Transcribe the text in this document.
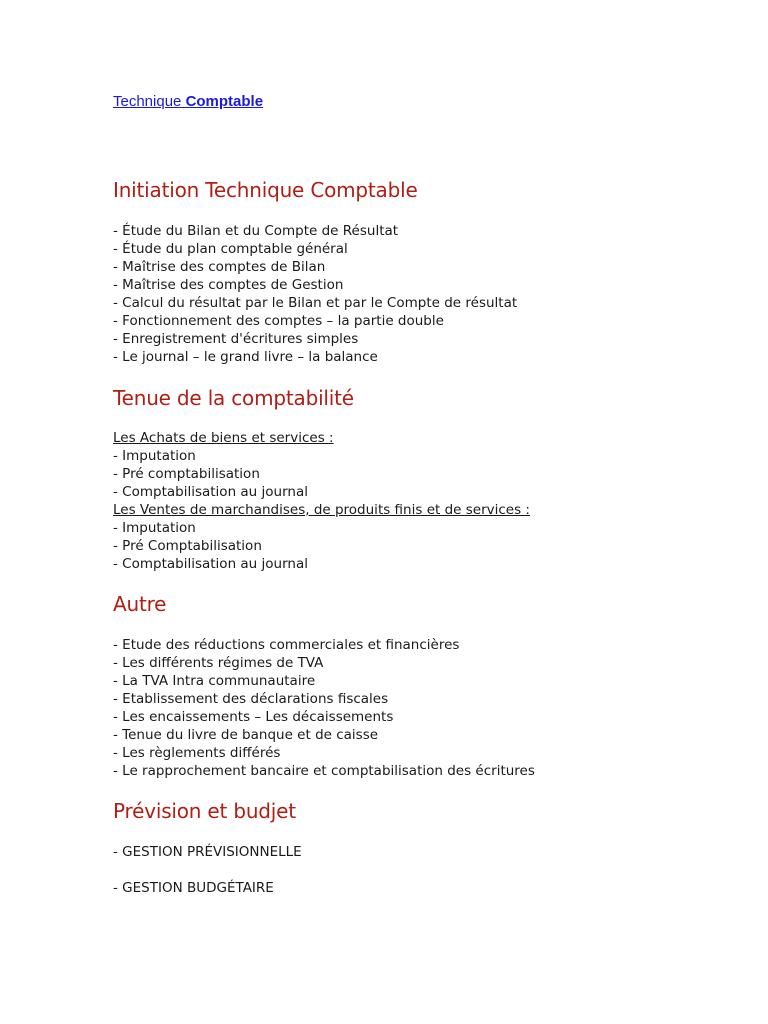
Technique Comptable
Initiation Technique Comptable
- Étude du Bilan et du Compte de Résultat
- Étude du plan comptable général
- Maîtrise des comptes de Bilan
- Maîtrise des comptes de Gestion
- Calcul du résultat par le Bilan et par le Compte de résultat
- Fonctionnement des comptes – la partie double
- Enregistrement d'écritures simples
- Le journal – le grand livre – la balance
Tenue de la comptabilité
Les Achats de biens et services :
- Imputation
- Pré comptabilisation
- Comptabilisation au journal
Les Ventes de marchandises, de produits finis et de services :
- Imputation
- Pré Comptabilisation
- Comptabilisation au journal
Autre
- Etude des réductions commerciales et financières
- Les différents régimes de TVA
- La TVA Intra communautaire
- Etablissement des déclarations fiscales
- Les encaissements – Les décaissements
- Tenue du livre de banque et de caisse
- Les règlements différés
- Le rapprochement bancaire et comptabilisation des écritures
Prévision et budjet
- GESTION PRÉVISIONNELLE
- GESTION BUDGÉTAIRE
